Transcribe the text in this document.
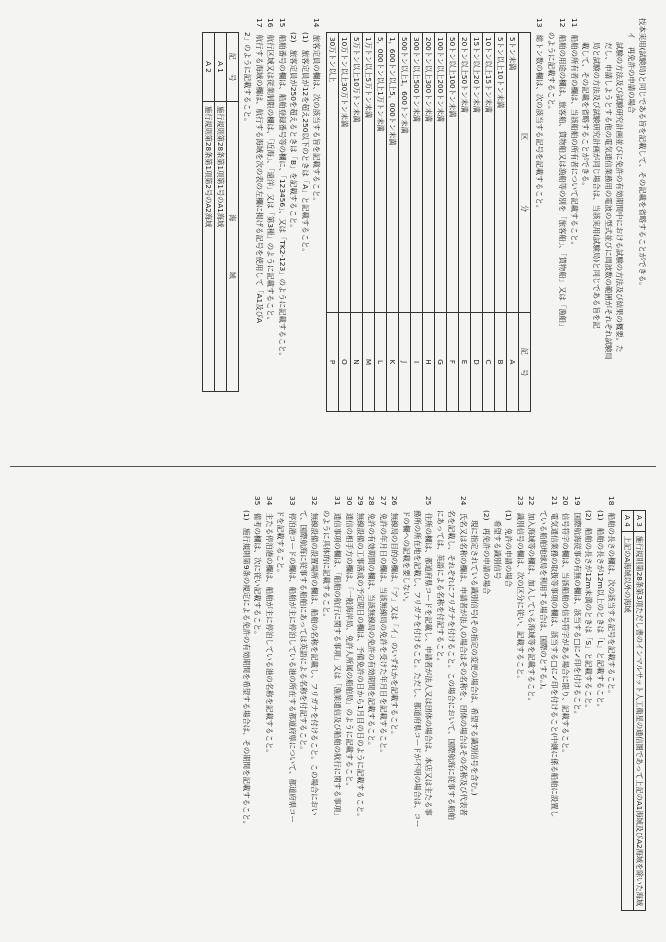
技本実用(試験局)と同じである旨を記載して、その記載を省略することができる。
イ　再免許の申請の場合
試験の方法及び試験研究計画並びに免許の有効期間中における試験の方法及び結果の概要。た
だし、申請しようとする他の電気通信業務用の電波の型式並びに周波数の範囲がそれぞれ試験局
局と試験の方法及び試験研究計画が同じ場合は、当該実用(試験局)と同じである旨を記
載して、その記載を省略することができる。
11　船舶の所有者の欄は、当該船舶の所有者について記載すること。
12　船舶の用途の欄は、旅客船、貨物船又は漁船等の別を「旅客船」、「貨物船」又は「漁船」
のように記載すること。
13　総トン数の欄は、次の該当する記号を記載すること。
区　　　　　　　　　分	記　　号
5トン未満	A
5トン以上10トン未満	B
10トン以上15トン未満	C
15トン以上20トン未満	D
20トン以上50トン未満	E
50トン以上100トン未満	F
100トン以上200トン未満	G
200トン以上300トン未満	H
300トン以上500トン未満	I
500トン以上1，600トン未満	J
1，600トン以上5，000トン未満	K
5，000トン以上1万トン未満	L
1万トン以上5万トン未満	M
5万トン以上10万トン未満	N
10万トン以上30万トン未満	O
30万トン以上	P
14　旅客定員の欄は、次の該当する旨を記載すること。
(1)　旅客定員が12を超え250以下のときは「A」と記載すること。
(2)　旅客定員が250を超えるときは「B」を記載すること。
15　船舶番号の欄は、船舶登録番号等の欄に、「123456」、又は「TK2-123」のように記載すること。
16　航行区域又は従業制限の欄は、「近海」、「遠洋」又は「第3種」のように記載すること。
17　航行する海域の欄は、航行する海域を次の表の左欄に掲げる記号を使用して「A1及びA
2」のように記載すること。
記　　号	海　　　　　　　域
A 1	施行規則第28条第1項第1号のA1海域
A 2	施行規則第28条第1項第2号のA2海域
A 3	施行規則第28条第3項ただし書のインマルサット人工衛星の通信圏であって上記のA1海域及びA2海域を除いた海域
A 4	上記のA海域以外の海域
18　船舶の長さの欄は、次の該当する記号を記載すること。
(1)　船舶の長さが12m以上のときは「L」と記載すること。
(2)　船舶の長さが12m未満のときは「S」と記載すること。
19　国際航海従事の有無の欄は、該当する□に✓印を付けること。
20　信号符字の欄は、当該船舶の信号符字がある場合に限り、記載すること。
21　電気通信業務の取扱等事項の欄は、該当する□に✓印を付けること(中継に係る船舶に設置し
ている船舶地球局を利用する場合は、国際のとする。)。
22　加入海域等の欄は、加入している海域等を記載すること。
23　識別信号の欄は、次の区分に従い、記載すること。
(1)　免許の申請の場合
希望する識別信号
(2)　再免許の申請の場合
現に指定されている識別信号(その指定の変更の場合は、希望する識別信号を含む。)
24　氏名又は名称の欄は、申請者が法人の場合はその名称を、団体の場合はその名称及び代表者
名を記載し、それぞれにフリガナを付けること。この場合において、国際航海に従事する船舶
にあっては、英語による名称を付記すること。
25　住所の欄は、都道府県コードを記載し、申請者が法人又は団体の場合は、本店又は主たる事
務所の所在地を記載し、フリガナを付けること。ただし、都道府県コードが不明の場合は、コー
ドの欄への記載を要しない。
26　無線局の目的の欄は、「ア」又は「イ」のいずれかを記載すること。
27　免許の年月日の欄は、当該無線局の免許を受けた年月日を記載すること。
28　免許の有効期間の欄は、当該無線局の免許の有効期間を記載すること。
29　無線設備の工事落成の予定期日の欄は、予備免許の日から1月目の日のように記載すること。
30　通信の相手方の欄は、「一般海岸局、免許人所属の船舶局」のように記載すること。
31　通信事項の欄は、「船舶の航行に関する事項」又は「漁業通信及び船舶の航行に関する事項」
のように具体的に記載すること。
32　無線設備の設置場所の欄は、船舶の名称を記載し、フリガナを付けること。この場合におい
て、国際航海に従事する船舶にあっては英語による名称を付記すること。
33　停泊港コードの欄は、船舶が主に停泊している港の所在する都道府県について、都道府県コー
ドを記載すること。
34　主たる停泊港の欄は、船舶が主に停泊している港の名称を記載すること。
35　備考の欄は、次に従い記載すること。
(1)　施行規則第9条の規定による免許の有効期間を希望する場合は、その期間を記載すること。
